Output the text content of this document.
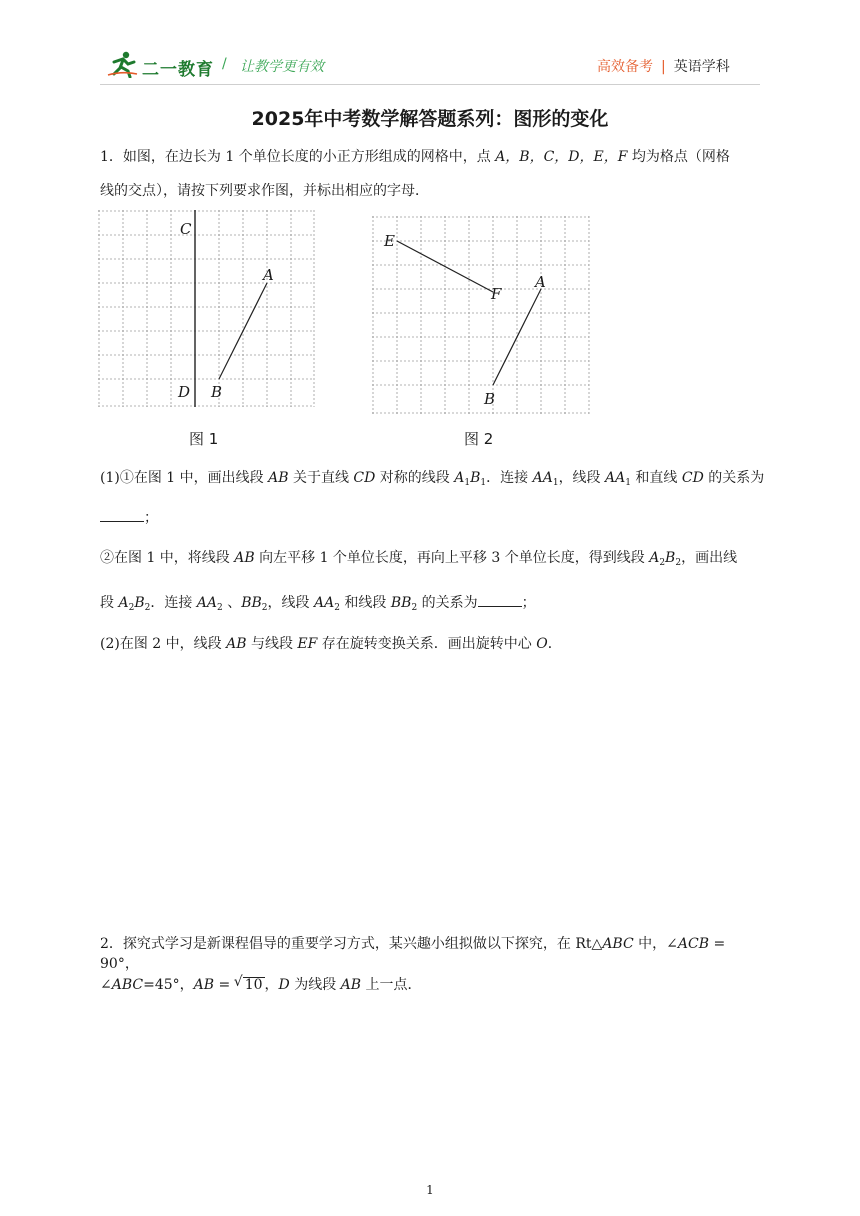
二一教育 / 让教学更有效	高效备考 | 英语学科
2025年中考数学解答题系列：图形的变化
1．如图，在边长为 1 个单位长度的小正方形组成的网格中，点 A，B，C，D，E，F 均为格点（网格
线的交点），请按下列要求作图，并标出相应的字母．
C
A
D B
图 1
E
F
A
B
图 2
(1)①在图 1 中，画出线段 AB 关于直线 CD 对称的线段 $A_1B_1$．连接 $AA_1$，线段 $AA_1$ 和直线 CD 的关系为
；
②在图 1 中，将线段 AB 向左平移 1 个单位长度，再向上平移 3 个单位长度，得到线段 $A_2B_2$，画出线
段 $A_2B_2$．连接 $AA_2$ 、$BB_2$，线段 $AA_2$ 和线段 $BB_2$ 的关系为	；
(2)在图 2 中，线段 AB 与线段 EF 存在旋转变换关系．画出旋转中心 O．
2．探究式学习是新课程倡导的重要学习方式，某兴趣小组拟做以下探究，在 Rt△ABC 中，∠ACB = 90°，
∠ABC=45°，AB = √ 10 ，D 为线段 AB 上一点．
1
